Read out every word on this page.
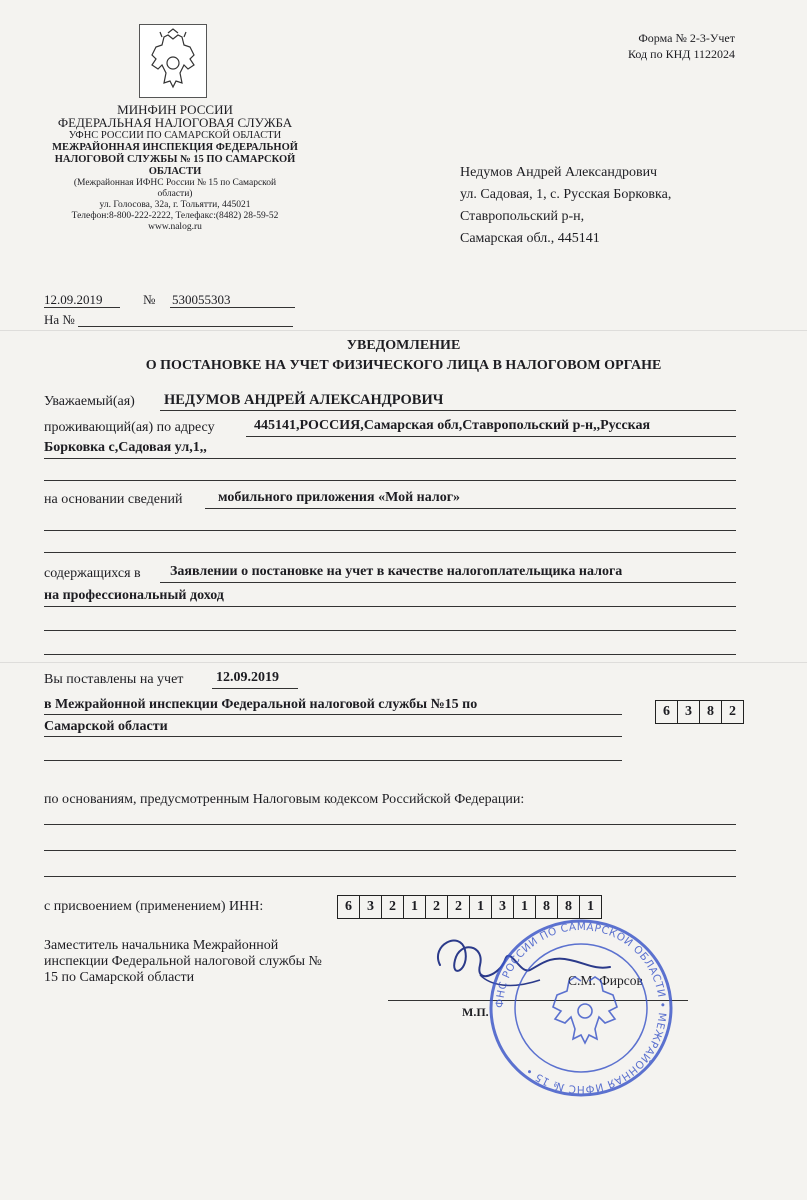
Форма № 2-3-Учет
Код по КНД 1122024
МИНФИН РОССИИ
ФЕДЕРАЛЬНАЯ НАЛОГОВАЯ СЛУЖБА
УФНС РОССИИ ПО САМАРСКОЙ ОБЛАСТИ
МЕЖРАЙОННАЯ ИНСПЕКЦИЯ ФЕДЕРАЛЬНОЙ
НАЛОГОВОЙ СЛУЖБЫ № 15 ПО САМАРСКОЙ
ОБЛАСТИ
(Межрайонная ИФНС России № 15 по Самарской
области)
ул. Голосова, 32а, г. Тольятти, 445021
Телефон:8-800-222-2222, Телефакс:(8482) 28-59-52
www.nalog.ru
Недумов Андрей Александрович
ул. Садовая, 1, с. Русская Борковка,
Ставропольский р-н,
Самарская обл., 445141
12.09.2019	№ 530055303
На №
УВЕДОМЛЕНИЕ
О ПОСТАНОВКЕ НА УЧЕТ ФИЗИЧЕСКОГО ЛИЦА В НАЛОГОВОМ ОРГАНЕ
Уважаемый(ая) НЕДУМОВ АНДРЕЙ АЛЕКСАНДРОВИЧ
проживающий(ая) по адресу	445141,РОССИЯ,Самарская обл,Ставропольский р-н,,Русская
Борковка с,Садовая ул,1,,
на основании сведений	мобильного приложения «Мой налог»
содержащихся в Заявлении о постановке на учет в качестве налогоплательщика налога
на профессиональный доход
Вы поставлены на учет 12.09.2019
в Межрайонной инспекции Федеральной налоговой службы №15 по
Самарской области
6	3	8	2
по основаниям, предусмотренным Налоговым кодексом Российской Федерации:
с присвоением (применением) ИНН:	6	3	2	1	2	2	1	3	1	8	8	1
Заместитель начальника Межрайонной
инспекции Федеральной налоговой службы №
15 по Самарской области	С.М. Фирсов
М.П.
ФНС РОССИИ ПО САМАРСКОЙ ОБЛАСТИ • МЕЖРАЙОННАЯ ИФНС № 15 •
